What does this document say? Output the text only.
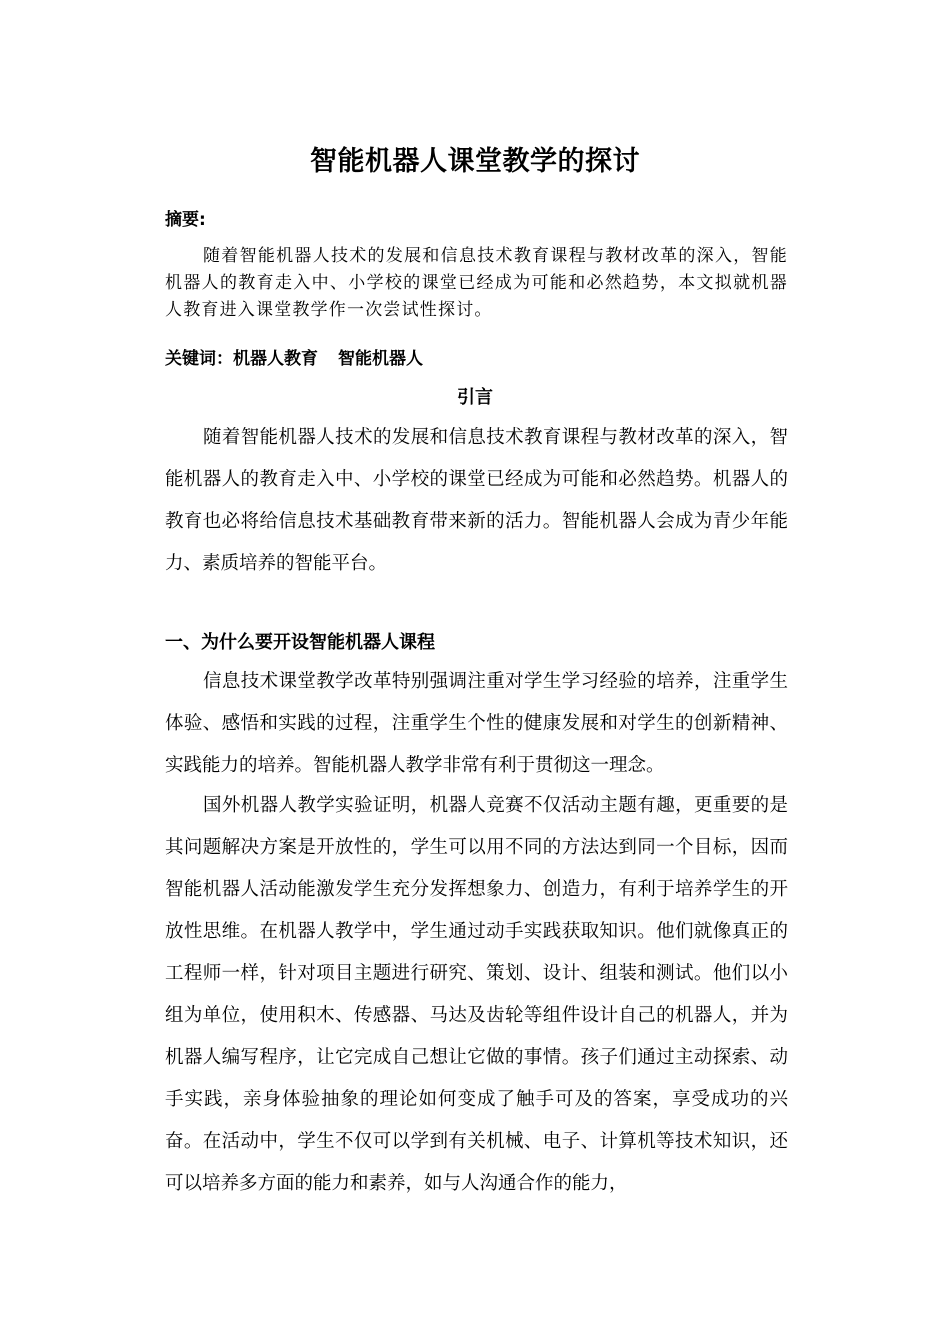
智能机器人课堂教学的探讨
摘要:

随着智能机器人技术的发展和信息技术教育课程与教材改革的深入，智能机器人的教育走入中、小学校的课堂已经成为可能和必然趋势，本文拟就机器人教育进入课堂教学作一次尝试性探讨。

关键词：机器人教育 智能机器人
引言

随着智能机器人技术的发展和信息技术教育课程与教材改革的深入，智能机器人的教育走入中、小学校的课堂已经成为可能和必然趋势。机器人的教育也必将给信息技术基础教育带来新的活力。智能机器人会成为青少年能力、素质培养的智能平台。

一、为什么要开设智能机器人课程

信息技术课堂教学改革特别强调注重对学生学习经验的培养，注重学生体验、感悟和实践的过程，注重学生个性的健康发展和对学生的创新精神、实践能力的培养。智能机器人教学非常有利于贯彻这一理念。

国外机器人教学实验证明，机器人竞赛不仅活动主题有趣，更重要的是其问题解决方案是开放性的，学生可以用不同的方法达到同一个目标，因而智能机器人活动能激发学生充分发挥想象力、创造力，有利于培养学生的开放性思维。在机器人教学中，学生通过动手实践获取知识。他们就像真正的工程师一样，针对项目主题进行研究、策划、设计、组装和测试。他们以小组为单位，使用积木、传感器、马达及齿轮等组件设计自己的机器人，并为机器人编写程序，让它完成自己想让它做的事情。孩子们通过主动探索、动手实践，亲身体验抽象的理论如何变成了触手可及的答案，享受成功的兴奋。在活动中，学生不仅可以学到有关机械、电子、计算机等技术知识，还可以培养多方面的能力和素养，如与人沟通合作的能力，
